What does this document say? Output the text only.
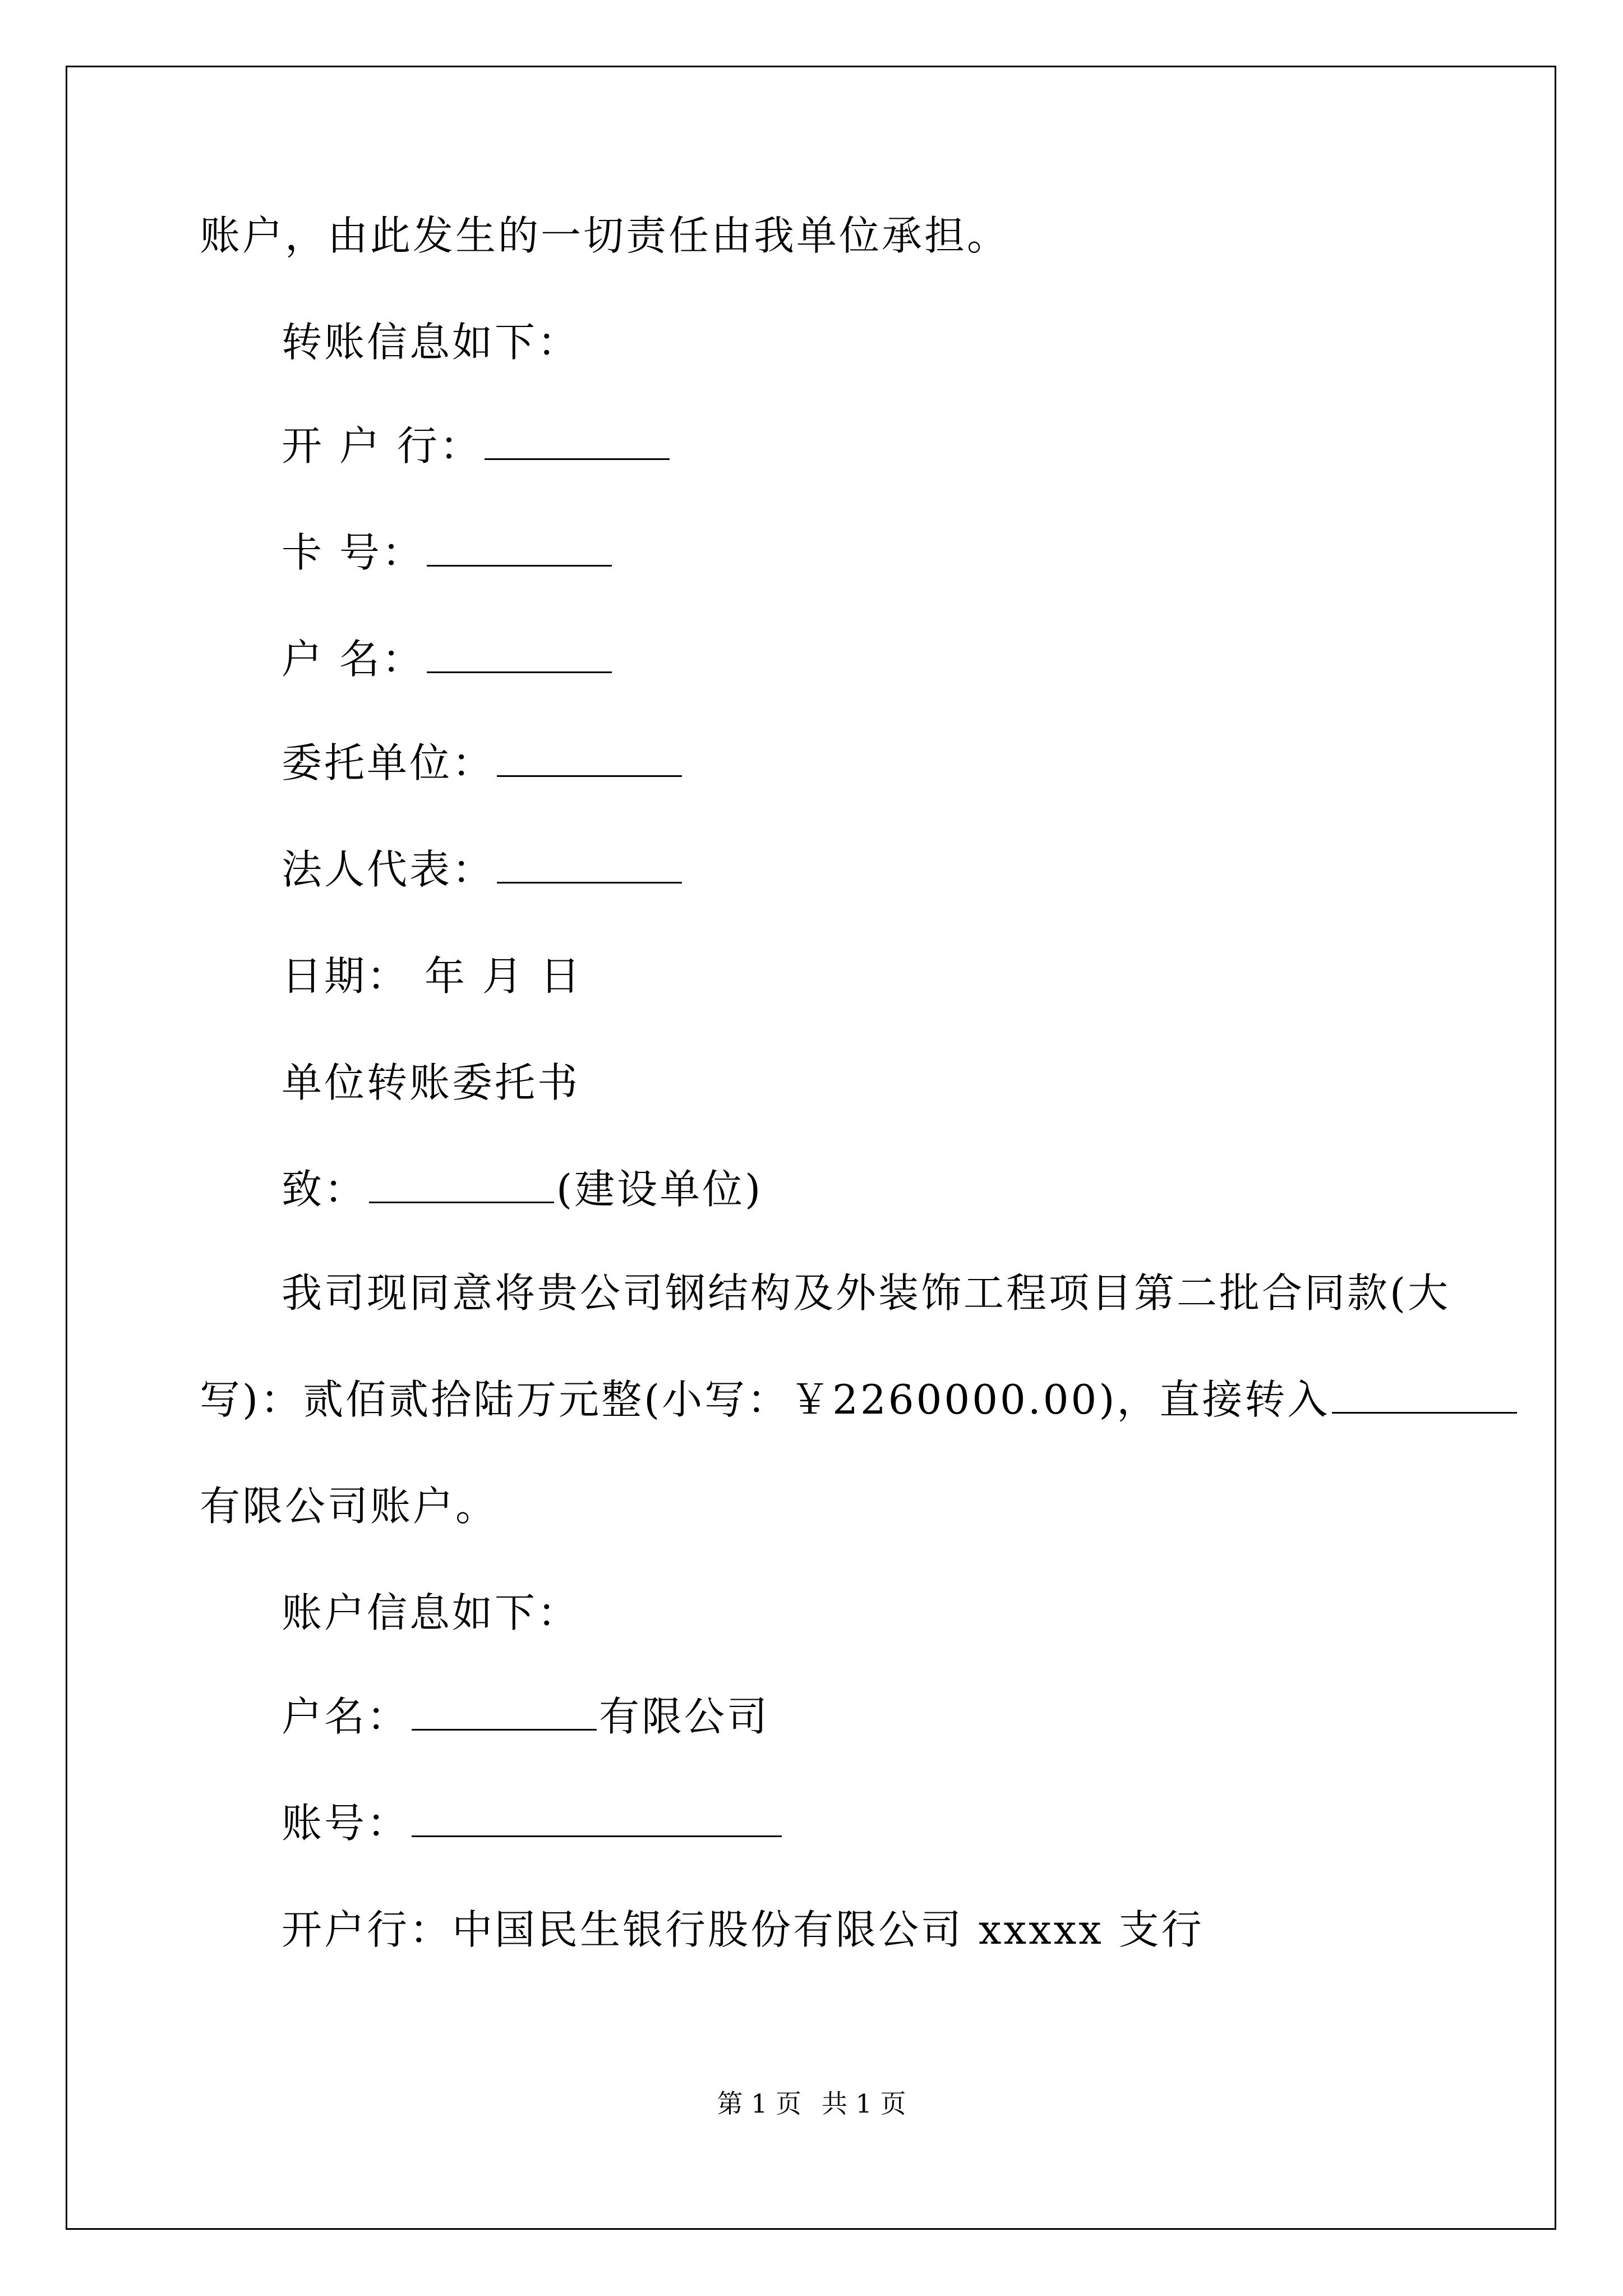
账户，由此发生的一切责任由我单位承担。
转账信息如下：
开 户 行：
卡 号：
户 名：
委托单位：
法人代表：
日期： 年 月 日
单位转账委托书
致：	(建设单位)
我司现同意将贵公司钢结构及外装饰工程项目第二批合同款(大
写)：贰佰贰拾陆万元整(小写：￥2260000.00)，直接转入
有限公司账户。
账户信息如下：
户名：	有限公司
账号：
开户行：中国民生银行股份有限公司 xxxxx 支行
第 1 页 共 1 页
